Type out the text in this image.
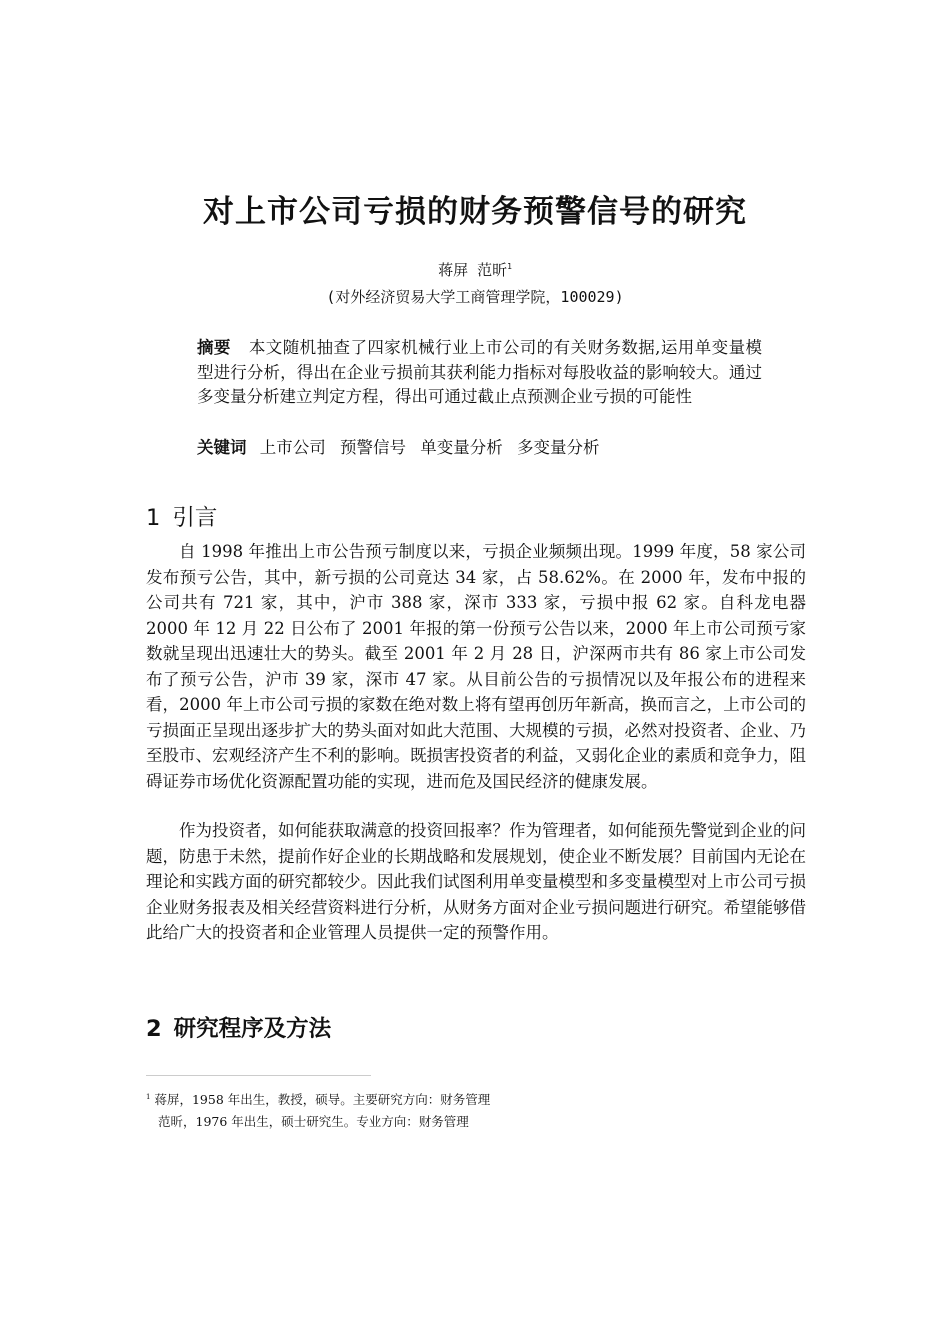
对上市公司亏损的财务预警信号的研究
蒋屏 范昕$^1$
(对外经济贸易大学工商管理学院，100029)
摘要 本文随机抽查了四家机械行业上市公司的有关财务数据,运用单变量模型进行分析，得出在企业亏损前其获利能力指标对每股收益的影响较大。通过多变量分析建立判定方程，得出可通过截止点预测企业亏损的可能性
关键词 上市公司 预警信号 单变量分析 多变量分析
1 引言

自 1998 年推出上市公告预亏制度以来，亏损企业频频出现。1999 年度，58 家公司发布预亏公告，其中，新亏损的公司竟达 34 家，占 58.62%。在 2000 年，发布中报的公司共有 721 家，其中，沪市 388 家，深市 333 家，亏损中报 62 家。自科龙电器 2000 年 12 月 22 日公布了 2001 年报的第一份预亏公告以来，2000 年上市公司预亏家数就呈现出迅速壮大的势头。截至 2001 年 2 月 28 日，沪深两市共有 86 家上市公司发布了预亏公告，沪市 39 家，深市 47 家。从目前公告的亏损情况以及年报公布的进程来看，2000 年上市公司亏损的家数在绝对数上将有望再创历年新高，换而言之，上市公司的亏损面正呈现出逐步扩大的势头面对如此大范围、大规模的亏损，必然对投资者、企业、乃至股市、宏观经济产生不利的影响。既损害投资者的利益，又弱化企业的素质和竞争力，阻碍证券市场优化资源配置功能的实现，进而危及国民经济的健康发展。

作为投资者，如何能获取满意的投资回报率？作为管理者，如何能预先警觉到企业的问题，防患于未然，提前作好企业的长期战略和发展规划，使企业不断发展？目前国内无论在理论和实践方面的研究都较少。因此我们试图利用单变量模型和多变量模型对上市公司亏损企业财务报表及相关经营资料进行分析，从财务方面对企业亏损问题进行研究。希望能够借此给广大的投资者和企业管理人员提供一定的预警作用。

2 研究程序及方法
$^1$ 蒋屏，1958 年出生，教授，硕导。主要研究方向：财务管理
范昕，1976 年出生，硕士研究生。专业方向：财务管理
